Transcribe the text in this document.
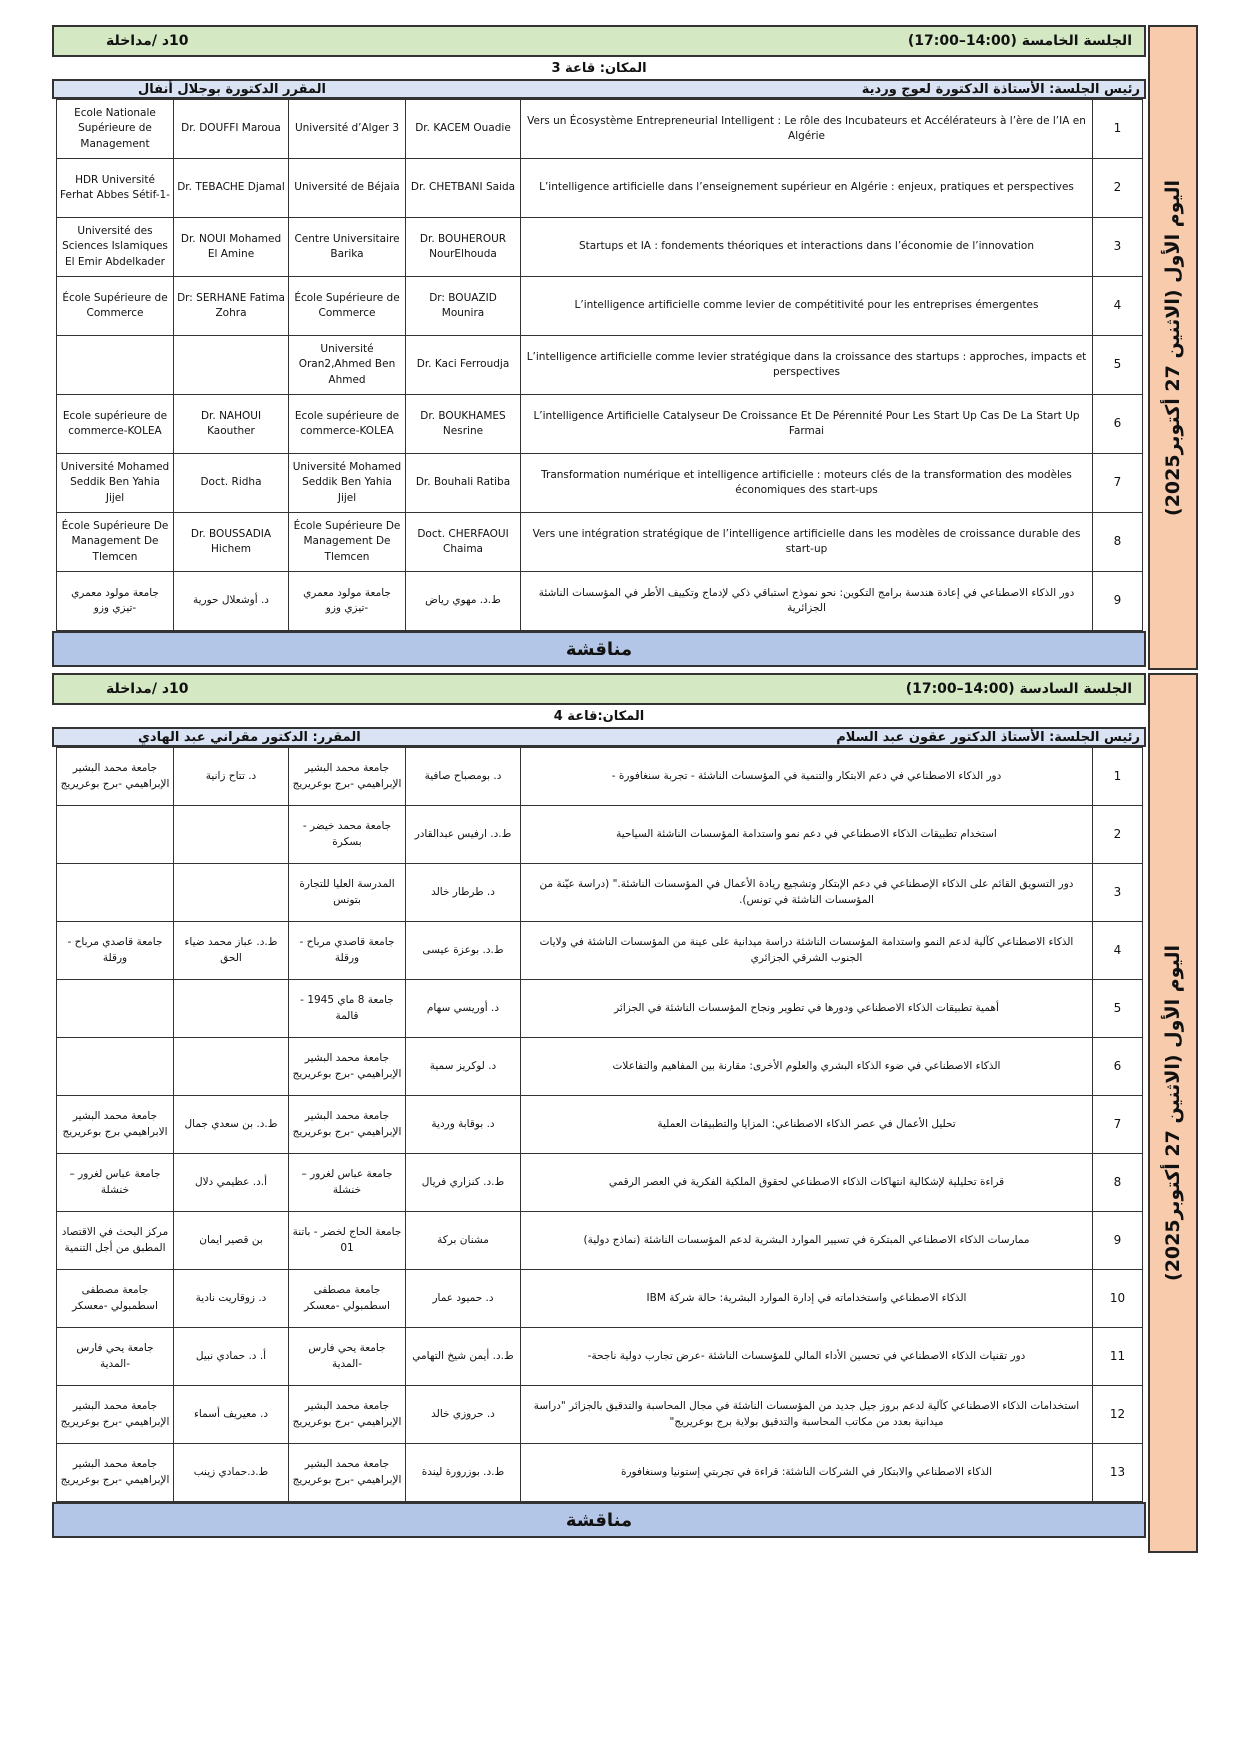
الجلسة الخامسة (14:00–17:00)
10د /مداخلة
المكان: قاعة 3
رئيس الجلسة: الأستاذة الدكتورة لعوج وردية
المقرر الدكتورة بوجلال أنفال
Ecole Nationale Supérieure de Management	Dr. DOUFFI Maroua	Université d’Alger 3	Dr. KACEM Ouadie	Vers un Écosystème Entrepreneurial Intelligent : Le rôle des Incubateurs et Accélérateurs à l’ère de l’IA en Algérie	1
HDR Université Ferhat Abbes Sétif-1-	Dr. TEBACHE Djamal	Université de Béjaia	Dr. CHETBANI Saida	L’intelligence artificielle dans l’enseignement supérieur en Algérie : enjeux, pratiques et perspectives	2
Université des Sciences Islamiques El Emir Abdelkader	Dr. NOUI Mohamed El Amine	Centre Universitaire Barika	Dr. BOUHEROUR NourElhouda	Startups et IA : fondements théoriques et interactions dans l’économie de l’innovation	3
École Supérieure de Commerce	Dr: SERHANE Fatima Zohra	École Supérieure de Commerce	Dr: BOUAZID Mounira	L’intelligence artificielle comme levier de compétitivité pour les entreprises émergentes	4
		Université Oran2,Ahmed Ben Ahmed	Dr. Kaci Ferroudja	L’intelligence artificielle comme levier stratégique dans la croissance des startups : approches, impacts et perspectives	5
Ecole supérieure de commerce-KOLEA	Dr. NAHOUI Kaouther	Ecole supérieure de commerce-KOLEA	Dr. BOUKHAMES Nesrine	L’intelligence Artificielle Catalyseur De Croissance Et De Pérennité Pour Les Start Up Cas De La Start Up Farmai	6
Université Mohamed Seddik Ben Yahia Jijel	Doct. Ridha	Université Mohamed Seddik Ben Yahia Jijel	Dr. Bouhali Ratiba	Transformation numérique et intelligence artificielle : moteurs clés de la transformation des modèles économiques des start-ups	7
École Supérieure De Management De Tlemcen	Dr. BOUSSADIA Hichem	École Supérieure De Management De Tlemcen	Doct. CHERFAOUI Chaima	Vers une intégration stratégique de l’intelligence artificielle dans les modèles de croissance durable des start-up	8
جامعة مولود معمري -تيزي وزو	د. أوشعلال حورية	جامعة مولود معمري -تيزي وزو	ط.د. مهوي رياض	دور الذكاء الاصطناعي في إعادة هندسة برامج التكوين: نحو نموذج استباقي ذكي لإدماج وتكييف الأطر في المؤسسات الناشئة الجزائرية	9
مناقشة
اليوم الأول (الاثنين 27 أكتوبر2025)
الجلسة السادسة (14:00–17:00)
10د /مداخلة
المكان:قاعة 4
رئيس الجلسة: الأستاذ الدكتور عقون عبد السلام
المقرر: الدكتور مقراني عبد الهادي
جامعة محمد البشير الإبراهيمي -برج بوعريريج	د. تتاح زانية	جامعة محمد البشير الإبراهيمي -برج بوعريريج	د. بومصباح صافية	دور الذكاء الاصطناعي في دعم الابتكار والتنمية في المؤسسات الناشئة - تجربة سنغافورة -	1
		جامعة محمد خيضر - بسكرة	ط.د. ارفيس عبدالقادر	استخدام تطبيقات الذكاء الاصطناعي في دعم نمو واستدامة المؤسسات الناشئة السياحية	2
		المدرسة العليا للتجارة بتونس	د. طرطار خالد	دور التسويق القائم على الذكاء الإصطناعي في دعم الإبتكار وتشجيع ريادة الأعمال في المؤسسات الناشئة." (دراسة عيّنة من المؤسسات الناشئة في تونس).	3
جامعة قاصدي مرباح - ورقلة	ط.د. عباز محمد ضياء الحق	جامعة قاصدي مرباح - ورقلة	ط.د. بوعزة عيسى	الذكاء الاصطناعي كآلية لدعم النمو واستدامة المؤسسات الناشئة دراسة ميدانية على عينة من المؤسسات الناشئة في ولايات الجنوب الشرقي الجزائري	4
		جامعة 8 ماي 1945 - قالمة	د. أوريسي سهام	أهمية تطبيقات الذكاء الاصطناعي ودورها في تطوير ونجاح المؤسسات الناشئة في الجزائر	5
		جامعة محمد البشير الإبراهيمي -برج بوعريريج	د. لوكريز سمية	الذكاء الاصطناعي في ضوء الذكاء البشري والعلوم الأخرى: مقارنة بين المفاهيم والتفاعلات	6
جامعة محمد البشير الابراهيمي برج بوعريريج	ط.د. بن سعدي جمال	جامعة محمد البشير الإبراهيمي -برج بوعريريج	د. بوقابة وردية	تحليل الأعمال في عصر الذكاء الاصطناعي: المزايا والتطبيقات العملية	7
جامعة عباس لغرور –خنشلة	أ.د. عظيمي دلال	جامعة عباس لغرور –خنشلة	ط.د. كنزاري فريال	قراءة تحليلية لإشكالية انتهاكات الذكاء الاصطناعي لحقوق الملكية الفكرية في العصر الرقمي	8
مركز البحث في الاقتصاد المطبق من أجل التنمية	بن قصير ايمان	جامعة الحاج لخضر - باتنة 01	مشنان بركة	ممارسات الذكاء الاصطناعي المبتكرة في تسيير الموارد البشرية لدعم المؤسسات الناشئة (نماذج دولية)	9
جامعة مصطفى اسطمبولي -معسكر	د. زوقاريت نادية	جامعة مصطفى اسطمبولي -معسكر	د. حميود عمار	الذكاء الاصطناعي واستخداماته في إدارة الموارد البشرية: حالة شركة IBM	10
جامعة يحي فارس -المدية	أ. د. حمادي نبيل	جامعة يحي فارس -المدية	ط.د. أيمن شيخ التهامي	دور تقنيات الذكاء الاصطناعي في تحسين الأداء المالي للمؤسسات الناشئة -عرض تجارب دولية ناجحة-	11
جامعة محمد البشير الإبراهيمي -برج بوعريريج	د. معيريف أسماء	جامعة محمد البشير الإبراهيمي -برج بوعريريج	د. حروزي خالد	استخدامات الذكاء الاصطناعي كآلية لدعم بروز جيل جديد من المؤسسات الناشئة في مجال المحاسبة والتدقيق بالجزائر "دراسة ميدانية بعدد من مكاتب المحاسبة والتدقيق بولاية برج بوعريريج"	12
جامعة محمد البشير الإبراهيمي -برج بوعريريج	ط.د.حمادي زينب	جامعة محمد البشير الإبراهيمي -برج بوعريريج	ط.د. بوزرورة ليندة	الذكاء الاصطناعي والابتكار في الشركات الناشئة: قراءة في تجربتي إستونيا وسنغافورة	13
مناقشة
اليوم الأول (الاثنين 27 أكتوبر2025)
